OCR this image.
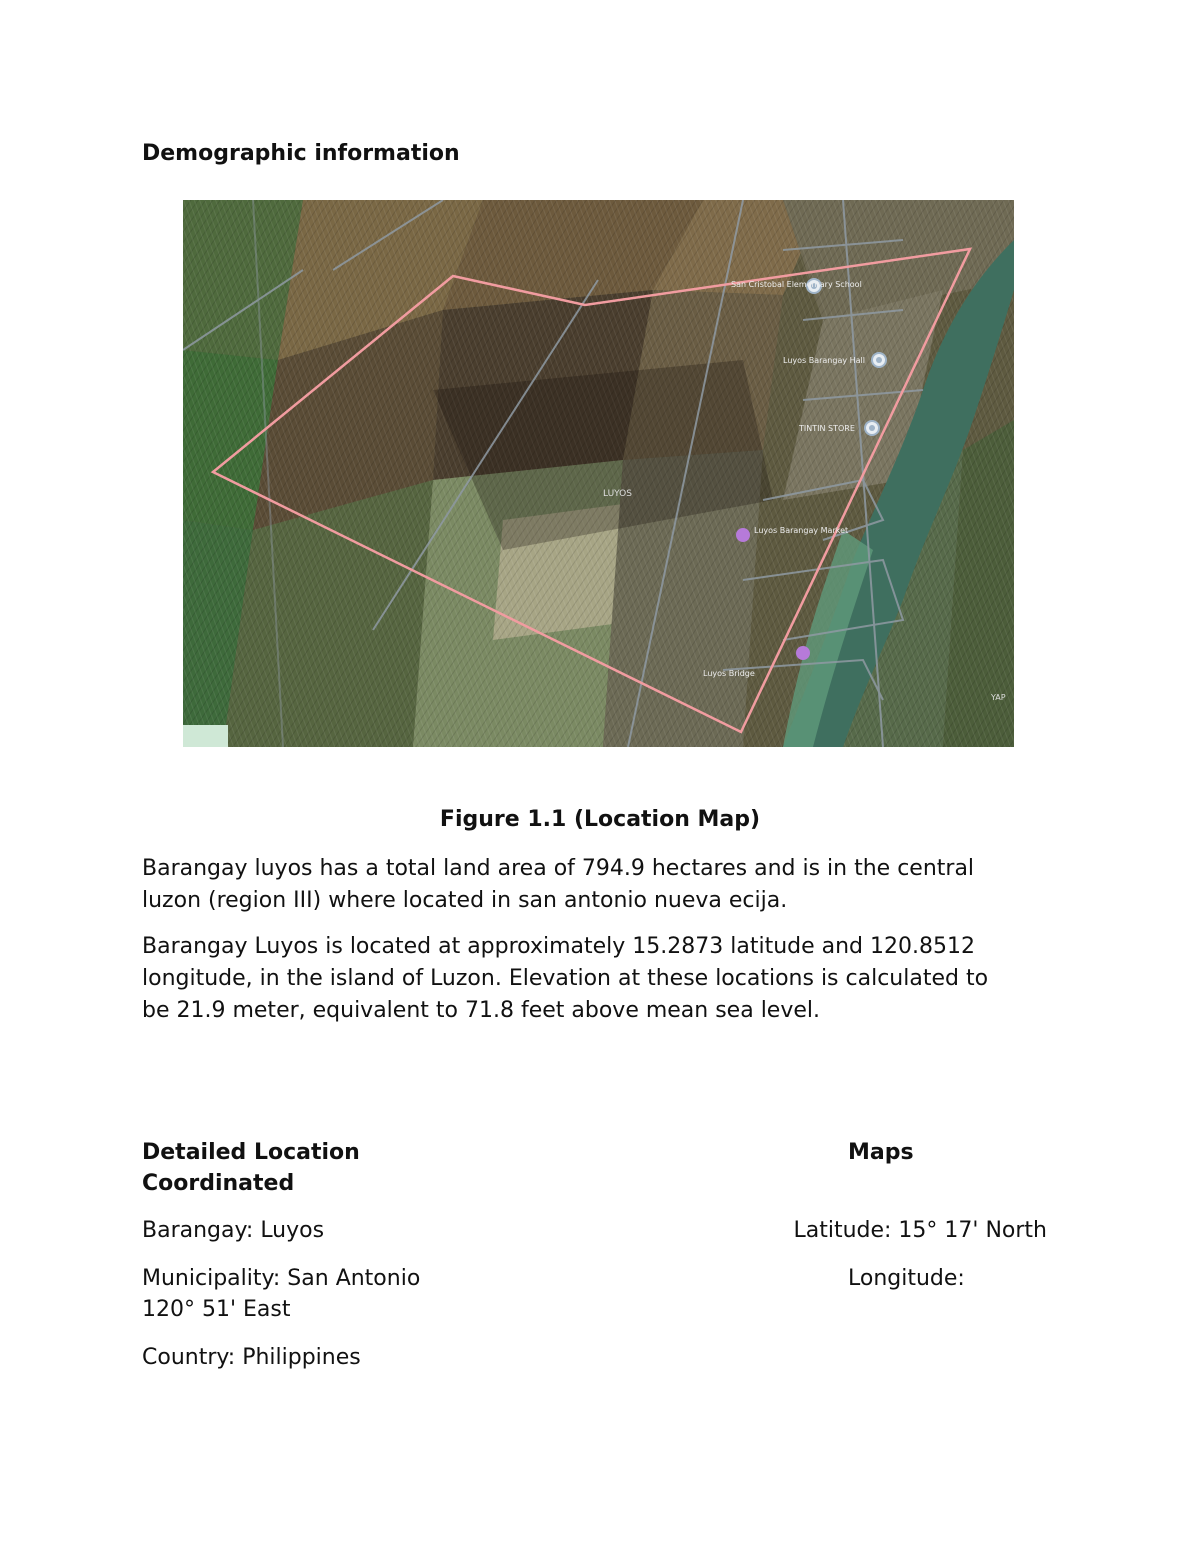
Demographic information
LUYOS
San Cristobal Elementary School
Luyos Barangay Hall
TINTIN STORE
Luyos Barangay Market
Luyos Bridge
YAP
Figure 1.1 (Location Map)
Barangay luyos has a total land area of 794.9 hectares and is in the central
luzon (region III) where located in san antonio nueva ecija.
Barangay Luyos is located at approximately 15.2873 latitude and 120.8512
longitude, in the island of Luzon. Elevation at these locations is calculated to
be 21.9 meter, equivalent to 71.8 feet above mean sea level.
Detailed Location
Coordinated
Maps
Barangay: Luyos	Latitude: 15° 17' North
Municipality: San Antonio	Longitude:
120° 51' East
Country: Philippines
